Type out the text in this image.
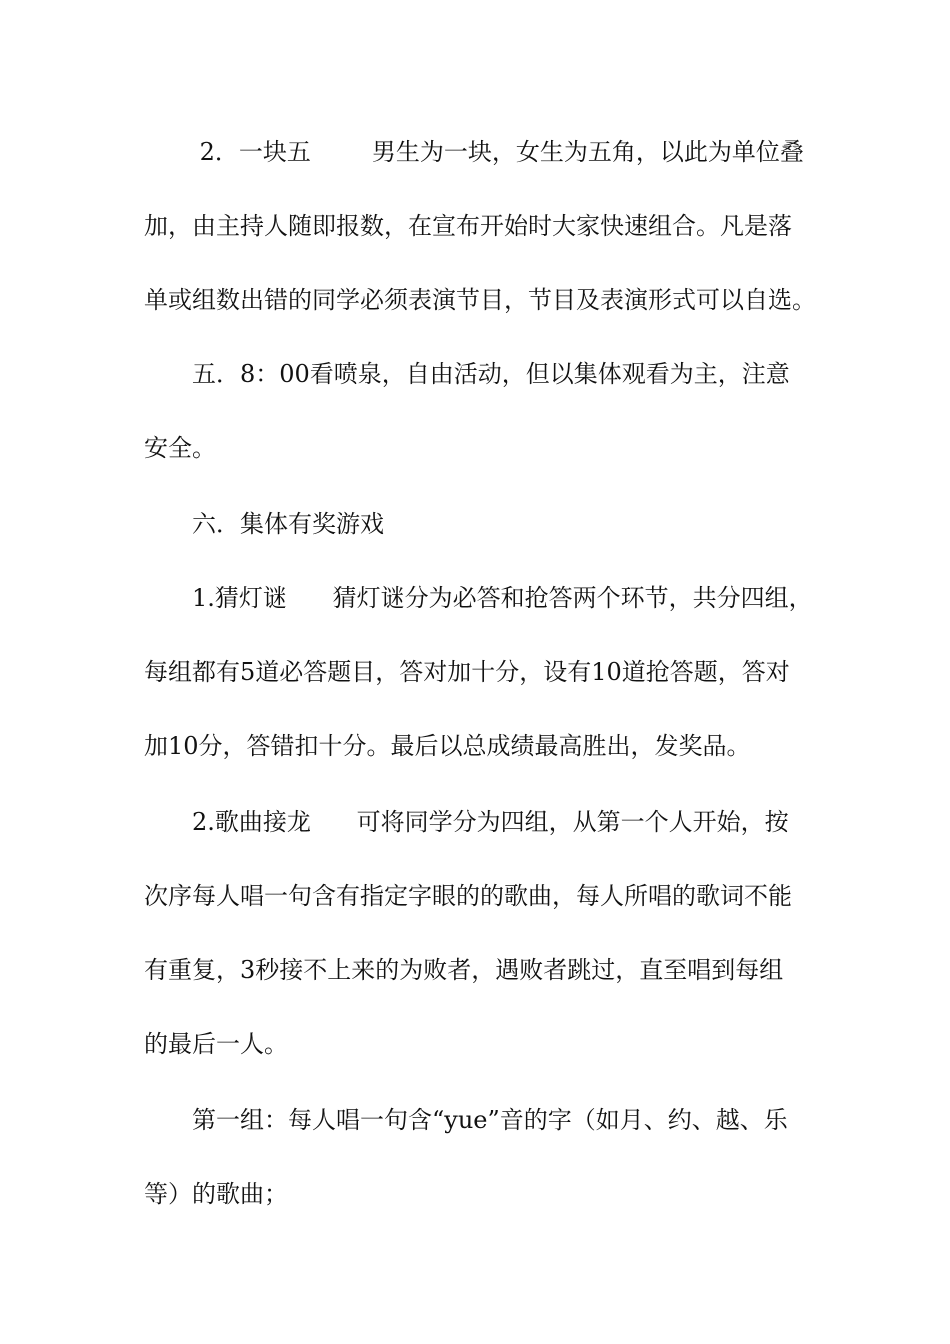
2．一块五        男生为一块，女生为五角，以此为单位叠
加，由主持人随即报数，在宣布开始时大家快速组合。凡是落
单或组数出错的同学必须表演节目，节目及表演形式可以自选。
五．8：00看喷泉，自由活动，但以集体观看为主，注意
安全。
六．集体有奖游戏
1.猜灯谜      猜灯谜分为必答和抢答两个环节，共分四组，
每组都有5道必答题目，答对加十分，设有10道抢答题，答对
加10分，答错扣十分。最后以总成绩最高胜出，发奖品。
2.歌曲接龙      可将同学分为四组，从第一个人开始，按
次序每人唱一句含有指定字眼的的歌曲，每人所唱的歌词不能
有重复，3秒接不上来的为败者，遇败者跳过，直至唱到每组
的最后一人。
第一组：每人唱一句含“yue”音的字（如月、约、越、乐
等）的歌曲；
